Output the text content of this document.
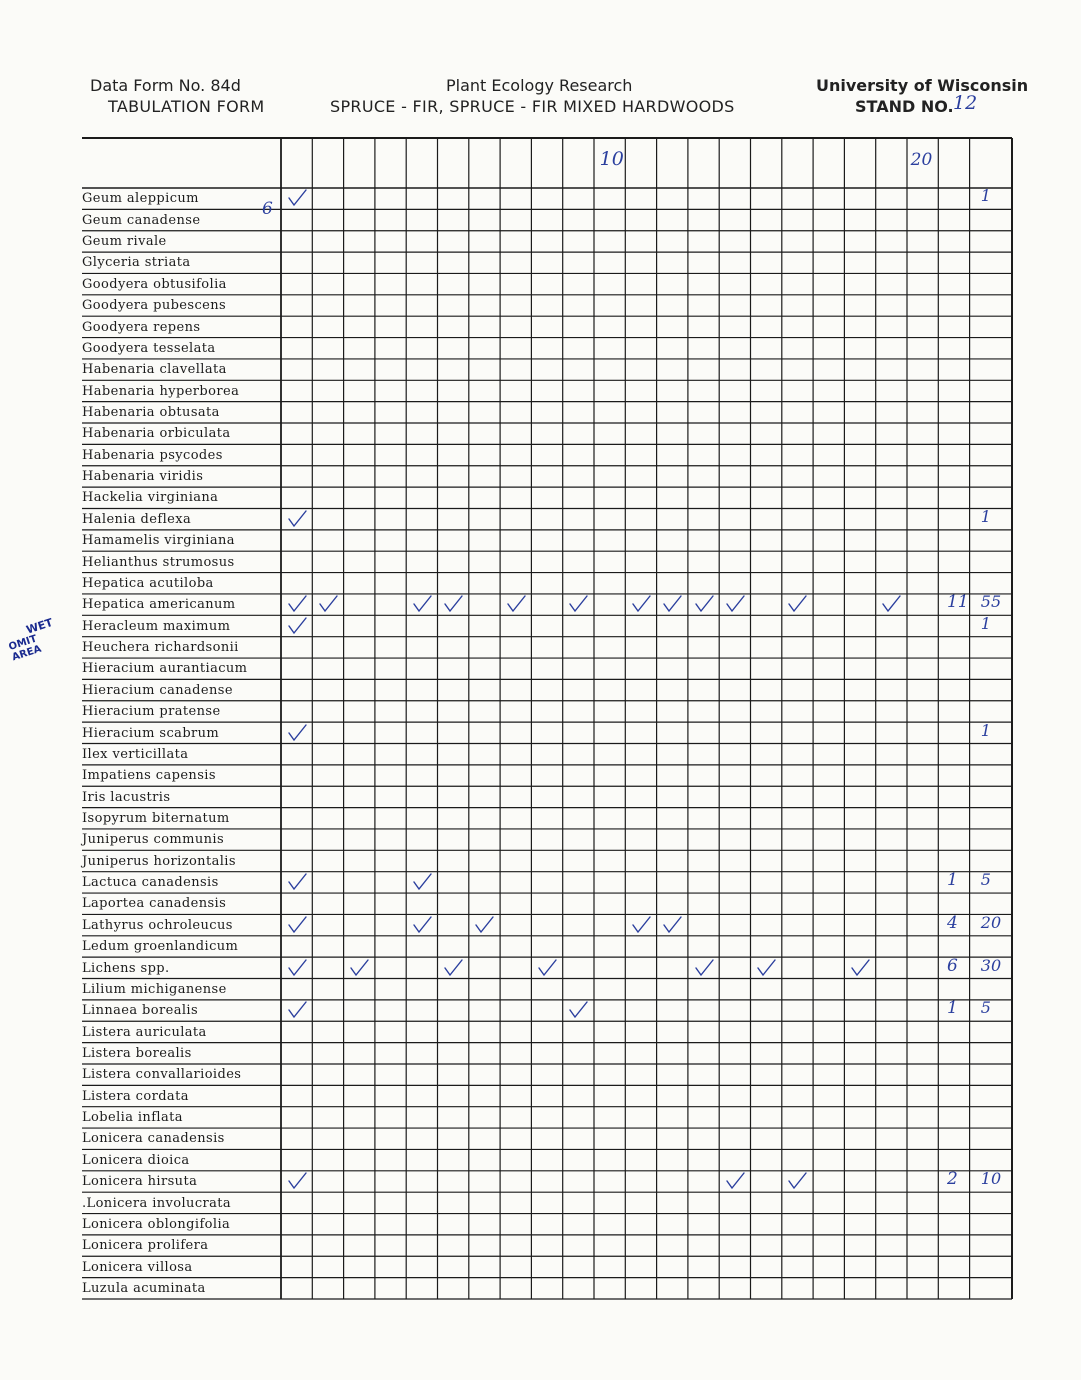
Data Form No. 84d
TABULATION FORM
Plant Ecology Research
SPRUCE - FIR, SPRUCE - FIR MIXED HARDWOODS
University of Wisconsin
STAND NO. 12
Geum aleppicum
Geum canadense
Geum rivale
Glyceria striata
Goodyera obtusifolia
Goodyera pubescens
Goodyera repens
Goodyera tesselata
Habenaria clavellata
Habenaria hyperborea
Habenaria obtusata
Habenaria orbiculata
Habenaria psycodes
Habenaria viridis
Hackelia virginiana
Halenia deflexa
Hamamelis virginiana
Helianthus strumosus
Hepatica acutiloba
Hepatica americanum
Heracleum maximum
Heuchera richardsonii
Hieracium aurantiacum
Hieracium canadense
Hieracium pratense
Hieracium scabrum
Ilex verticillata
Impatiens capensis
Iris lacustris
Isopyrum biternatum
Juniperus communis
Juniperus horizontalis
Lactuca canadensis
Laportea canadensis
Lathyrus ochroleucus
Ledum groenlandicum
Lichens spp.
Lilium michiganense
Linnaea borealis
Listera auriculata
Listera borealis
Listera convallarioides
Listera cordata
Lobelia inflata
Lonicera canadensis
Lonicera dioica
Lonicera hirsuta
.Lonicera involucrata
Lonicera oblongifolia
Lonicera prolifera
Lonicera villosa
Luzula acuminata
1
1
11 55
1
1
1 5
4 20
6 30
1 5
2 10
10	20
WET
OMIT AREA
6
